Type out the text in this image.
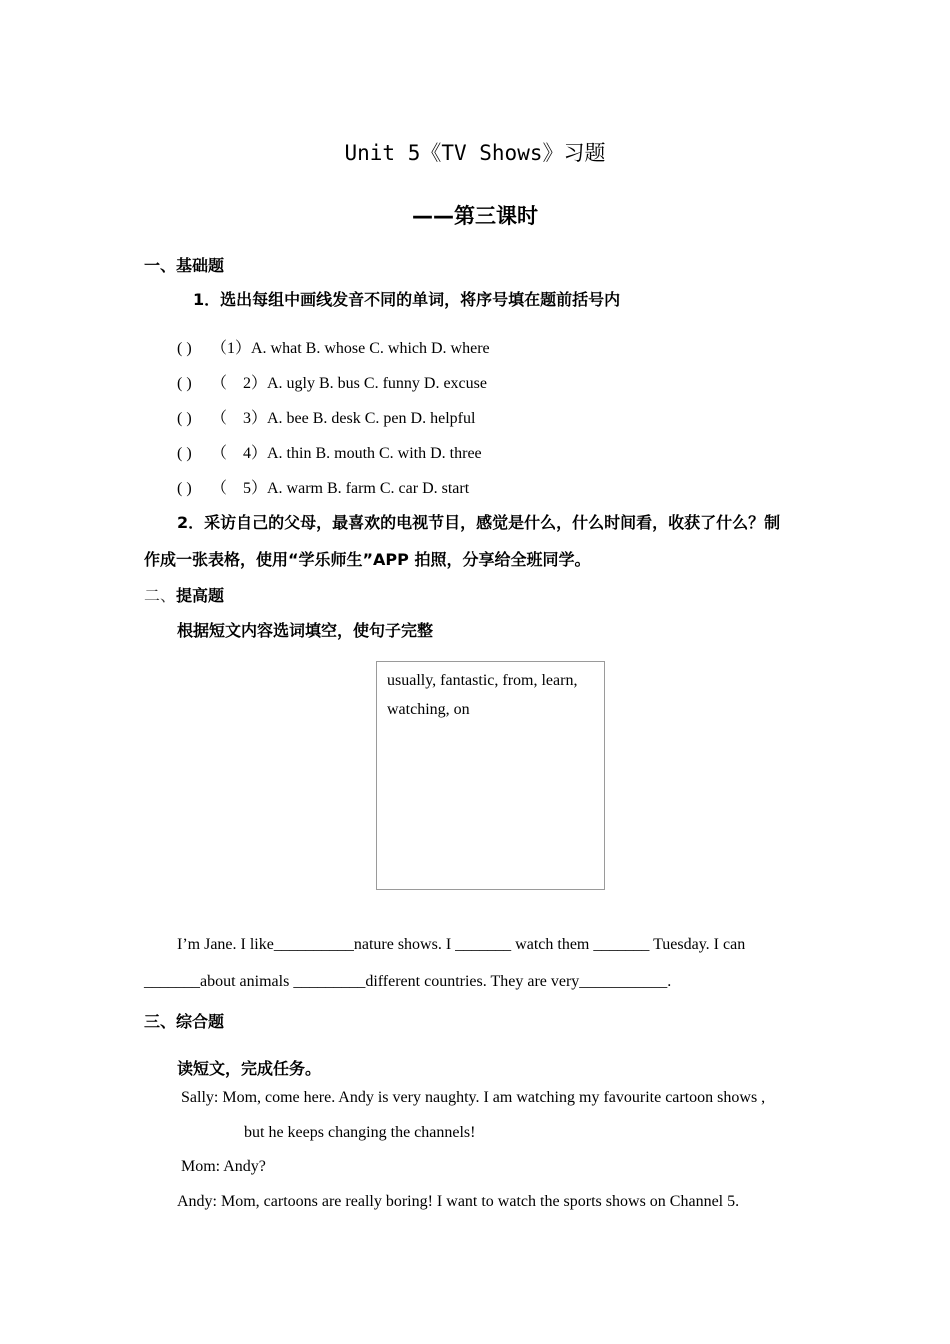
Unit 5《TV Shows》习题
——第三课时
一、基础题
1．选出每组中画线发音不同的单词，将序号填在题前括号内
( ) （1）A. what B. whose C. which D. where
( ) （　2）A. ugly B. bus C. funny D. excuse
( ) （　3）A. bee B. desk C. pen D. helpful
( ) （　4）A. thin B. mouth C. with D. three
( ) （　5）A. warm B. farm C. car D. start
2．采访自己的父母，最喜欢的电视节目，感觉是什么，什么时间看，收获了什么？制
作成一张表格，使用“学乐师生”APP 拍照，分享给全班同学。
二、提高题
根据短文内容选词填空，使句子完整
usually, fantastic, from, learn, watching, on
I’m Jane. I like__________nature shows. I _______ watch them _______ Tuesday. I can
_______about animals _________different countries. They are very___________.
三、综合题
读短文，完成任务。
Sally: Mom, come here. Andy is very naughty. I am watching my favourite cartoon shows ,
but he keeps changing the channels!
Mom: Andy?
Andy: Mom, cartoons are really boring! I want to watch the sports shows on Channel 5.
